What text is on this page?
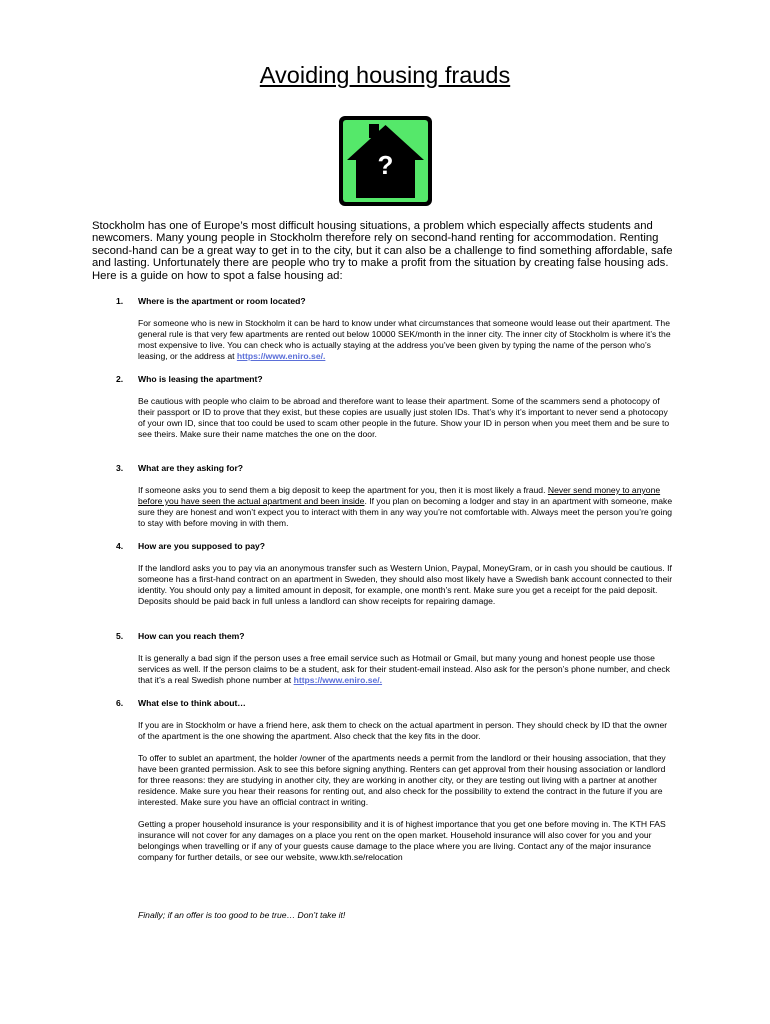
Avoiding housing frauds
?

Stockholm has one of Europe’s most difficult housing situations, a problem which especially affects students and newcomers. Many young people in Stockholm therefore rely on second-hand renting for accommodation. Renting second-hand can be a great way to get in to the city, but it can also be a challenge to find something affordable, safe and lasting. Unfortunately there are people who try to make a profit from the situation by creating false housing ads. Here is a guide on how to spot a false housing ad:

1. Where is the apartment or room located?
For someone who is new in Stockholm it can be hard to know under what circumstances that someone would lease out their apartment. The general rule is that very few apartments are rented out below 10000 SEK/month in the inner city. The inner city of Stockholm is where it’s the most expensive to live. You can check who is actually staying at the address you’ve been given by typing the name of the person who’s leasing, or the address at https://www.eniro.se/.
2. Who is leasing the apartment?
Be cautious with people who claim to be abroad and therefore want to lease their apartment. Some of the scammers send a photocopy of their passport or ID to prove that they exist, but these copies are usually just stolen IDs. That’s why it’s important to never send a photocopy of your own ID, since that too could be used to scam other people in the future. Show your ID in person when you meet them and be sure to see theirs. Make sure their name matches the one on the door.
3. What are they asking for?
If someone asks you to send them a big deposit to keep the apartment for you, then it is most likely a fraud. Never send money to anyone before you have seen the actual apartment and been inside. If you plan on becoming a lodger and stay in an apartment with someone, make sure they are honest and won’t expect you to interact with them in any way you’re not comfortable with. Always meet the person you’re going to stay with before moving in with them.
4. How are you supposed to pay?
If the landlord asks you to pay via an anonymous transfer such as Western Union, Paypal, MoneyGram, or in cash you should be cautious. If someone has a first-hand contract on an apartment in Sweden, they should also most likely have a Swedish bank account connected to their identity. You should only pay a limited amount in deposit, for example, one month’s rent. Make sure you get a receipt for the paid deposit. Deposits should be paid back in full unless a landlord can show receipts for repairing damage.
5. How can you reach them?
It is generally a bad sign if the person uses a free email service such as Hotmail or Gmail, but many young and honest people use those services as well. If the person claims to be a student, ask for their student-email instead. Also ask for the person’s phone number, and check that it’s a real Swedish phone number at https://www.eniro.se/.
6. What else to think about…

If you are in Stockholm or have a friend here, ask them to check on the actual apartment in person. They should check by ID that the owner of the apartment is the one showing the apartment. Also check that the key fits in the door.

To offer to sublet an apartment, the holder /owner of the apartments needs a permit from the landlord or their housing association, that they have been granted permission. Ask to see this before signing anything. Renters can get approval from their housing association or landlord for three reasons: they are studying in another city, they are working in another city, or they are testing out living with a partner at another residence. Make sure you hear their reasons for renting out, and also check for the possibility to extend the contract in the future if you are interested. Make sure you have an official contract in writing.

Getting a proper household insurance is your responsibility and it is of highest importance that you get one before moving in. The KTH FAS insurance will not cover for any damages on a place you rent on the open market. Household insurance will also cover for you and your belongings when travelling or if any of your guests cause damage to the place where you are living. Contact any of the major insurance company for further details, or see our website, www.kth.se/relocation

Finally; if an offer is too good to be true… Don’t take it!
